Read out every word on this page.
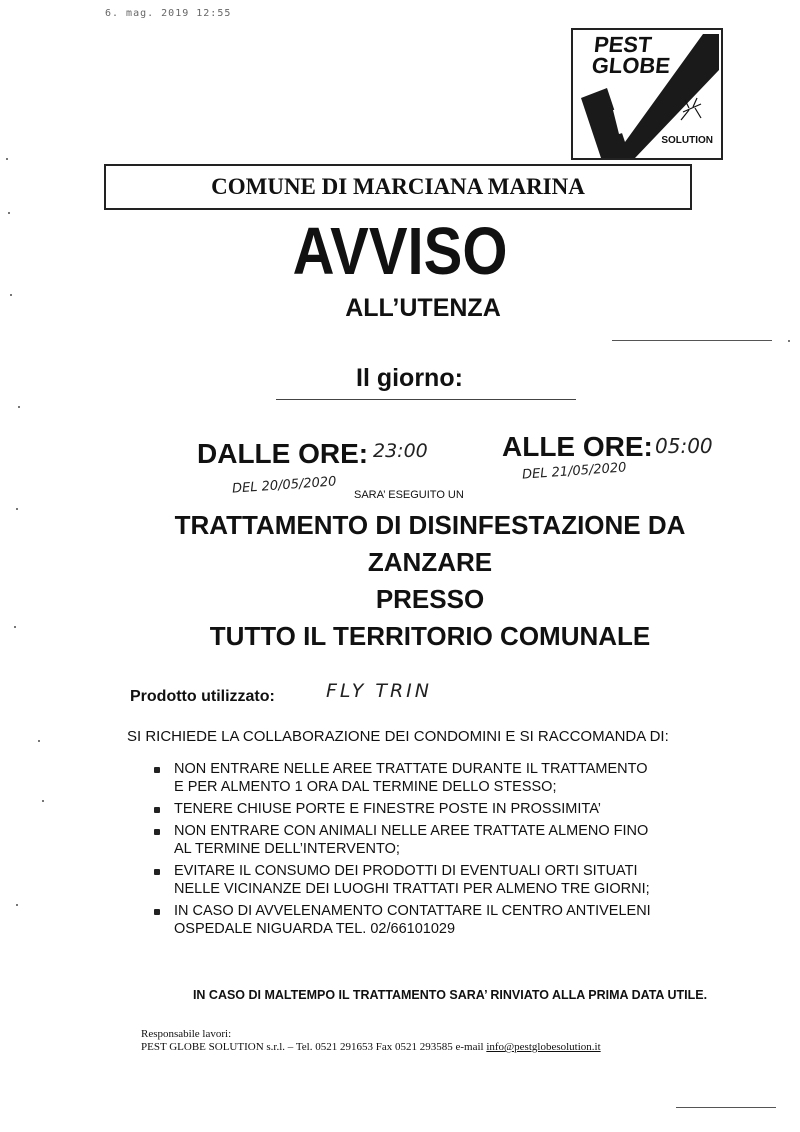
6. mag. 2019 12:55
PEST
GLOBE
SOLUTION
COMUNE DI MARCIANA MARINA
AVVISO
ALL’UTENZA
Il giorno:
DALLE ORE: 23:00	ALLE ORE: 05:00
DEL 20/05/2020
DEL 21/05/2020
SARA’ ESEGUITO UN
TRATTAMENTO DI DISINFESTAZIONE DA
ZANZARE
PRESSO
TUTTO IL TERRITORIO COMUNALE
Prodotto utilizzato:	FLY TRIN
SI RICHIEDE LA COLLABORAZIONE DEI CONDOMINI E SI RACCOMANDA DI:
NON ENTRARE NELLE AREE TRATTATE DURANTE IL TRATTAMENTO
E PER ALMENTO 1 ORA DAL TERMINE DELLO STESSO;
TENERE CHIUSE PORTE E FINESTRE POSTE IN PROSSIMITA’
NON ENTRARE CON ANIMALI NELLE AREE TRATTATE ALMENO FINO
AL TERMINE DELL’INTERVENTO;
EVITARE IL CONSUMO DEI PRODOTTI DI EVENTUALI ORTI SITUATI
NELLE VICINANZE DEI LUOGHI TRATTATI PER ALMENO TRE GIORNI;
IN CASO DI AVVELENAMENTO CONTATTARE IL CENTRO ANTIVELENI
OSPEDALE NIGUARDA TEL. 02/66101029
IN CASO DI MALTEMPO IL TRATTAMENTO SARA’ RINVIATO ALLA PRIMA DATA UTILE.
Responsabile lavori:
PEST GLOBE SOLUTION s.r.l. – Tel. 0521 291653 Fax 0521 293585 e-mail info@pestglobesolution.it
